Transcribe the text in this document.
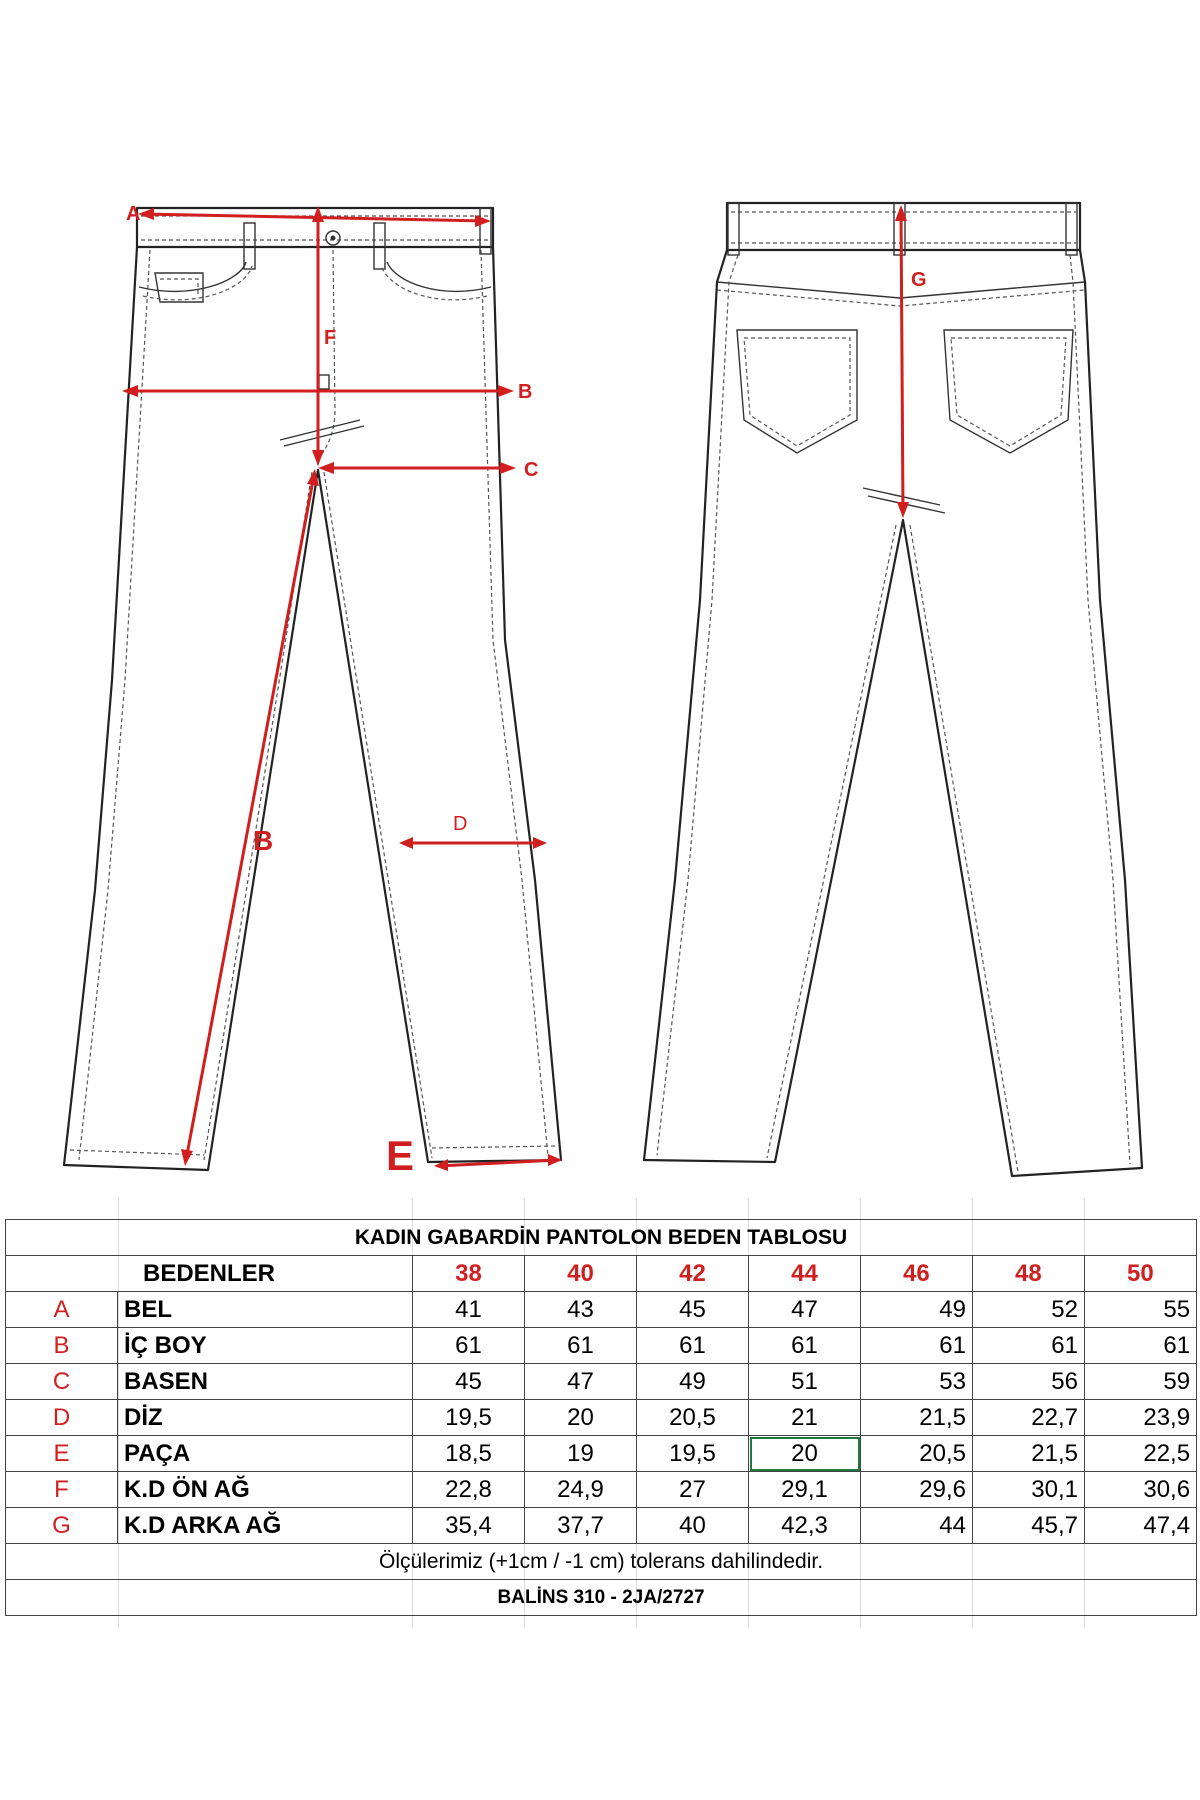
A
B
C
D
E
F
B
G
KADIN GABARDİN PANTOLON BEDEN TABLOSU								
BEDENLER		38	40	42	44	46	48	50
A	BEL	41	43	45	47	49	52	55
B	İÇ BOY	61	61	61	61	61	61	61
C	BASEN	45	47	49	51	53	56	59
D	DİZ	19,5	20	20,5	21	21,5	22,7	23,9
E	PAÇA	18,5	19	19,5	20	20,5	21,5	22,5
F	K.D ÖN AĞ	22,8	24,9	27	29,1	29,6	30,1	30,6
G	K.D ARKA AĞ	35,4	37,7	40	42,3	44	45,7	47,4
Ölçülerimiz (+1cm / -1 cm) tolerans dahilindedir.								
BALİNS 310 - 2JA/2727								
